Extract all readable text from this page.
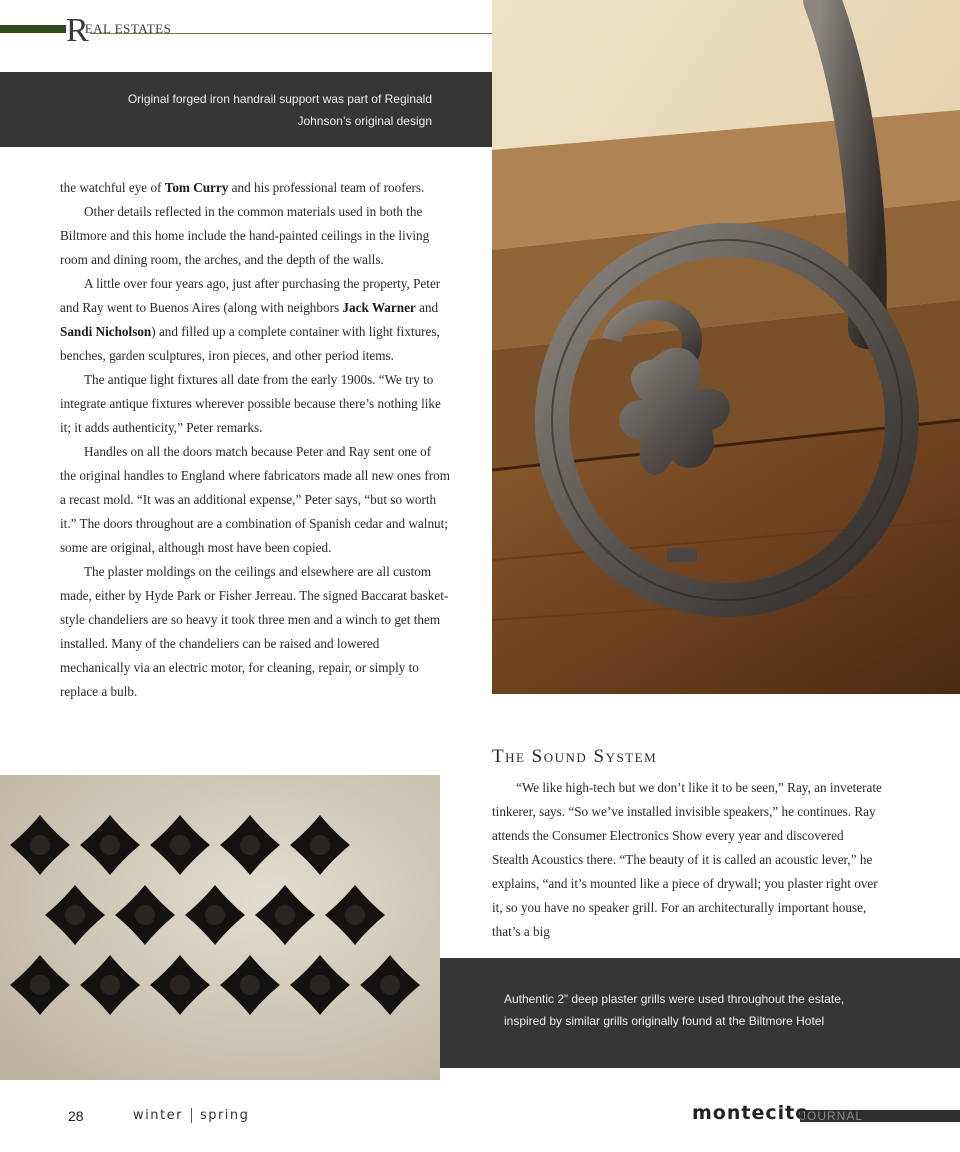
R
EAL ESTATES
Original forged iron handrail support was part of Reginald Johnson’s original design

the watchful eye of Tom Curry and his professional team of roofers.

Other details reflected in the common materials used in both the Biltmore and this home include the hand-painted ceilings in the living room and dining room, the arches, and the depth of the walls.

A little over four years ago, just after purchasing the property, Peter and Ray went to Buenos Aires (along with neighbors Jack Warner and Sandi Nicholson) and filled up a complete container with light fixtures, benches, garden sculptures, iron pieces, and other period items.

The antique light fixtures all date from the early 1900s. “We try to integrate antique fixtures wherever possible because there’s nothing like it; it adds authenticity,” Peter remarks.

Handles on all the doors match because Peter and Ray sent one of the original handles to England where fabricators made all new ones from a recast mold. “It was an additional expense,” Peter says, “but so worth it.” The doors throughout are a combination of Spanish cedar and walnut; some are original, although most have been copied.

The plaster moldings on the ceilings and elsewhere are all custom made, either by Hyde Park or Fisher Jerreau. The signed Baccarat basket-style chandeliers are so heavy it took three men and a winch to get them installed. Many of the chandeliers can be raised and lowered mechanically via an electric motor, for cleaning, repair, or simply to replace a bulb.

The Sound System

“We like high-tech but we don’t like it to be seen,” Ray, an inveterate tinkerer, says. “So we’ve installed invisible speakers,” he continues. Ray attends the Consumer Electronics Show every year and discovered Stealth Acoustics there. “The beauty of it is called an acoustic lever,” he explains, “and it’s mounted like a piece of drywall; you plaster right over it, so you have no speaker grill. For an architecturally important house, that’s a big

Authentic 2” deep plaster grills were used throughout the estate, inspired by similar grills originally found at the Biltmore Hotel
28	winter spring	montecito
JOURNAL
